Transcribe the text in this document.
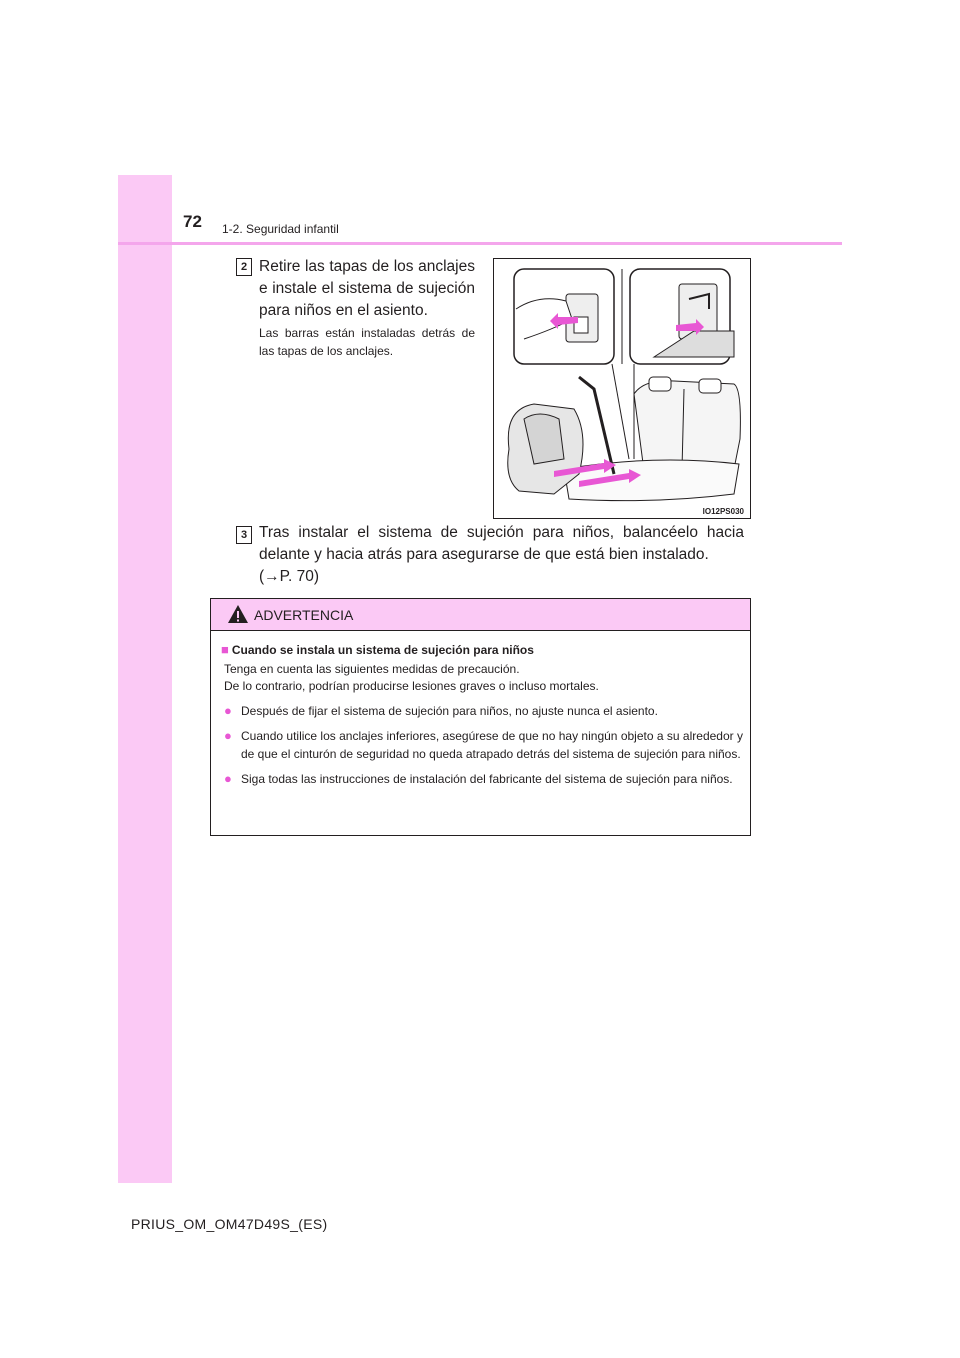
72 1-2. Seguridad infantil
2 Retire las tapas de los anclajes e instale el sistema de sujeción para niños en el asiento.
Las barras están instaladas detrás de las tapas de los anclajes.
IO12PS030
3 Tras instalar el sistema de sujeción para niños, balancéelo hacia delante y hacia atrás para asegurarse de que está bien instalado.
(→P. 70)
ADVERTENCIA
■ Cuando se instala un sistema de sujeción para niños
Tenga en cuenta las siguientes medidas de precaución.
De lo contrario, podrían producirse lesiones graves o incluso mortales.
● Después de fijar el sistema de sujeción para niños, no ajuste nunca el asiento.
● Cuando utilice los anclajes inferiores, asegúrese de que no hay ningún objeto a su alrededor y de que el cinturón de seguridad no queda atrapado detrás del sistema de sujeción para niños.
● Siga todas las instrucciones de instalación del fabricante del sistema de sujeción para niños.
PRIUS_OM_OM47D49S_(ES)
